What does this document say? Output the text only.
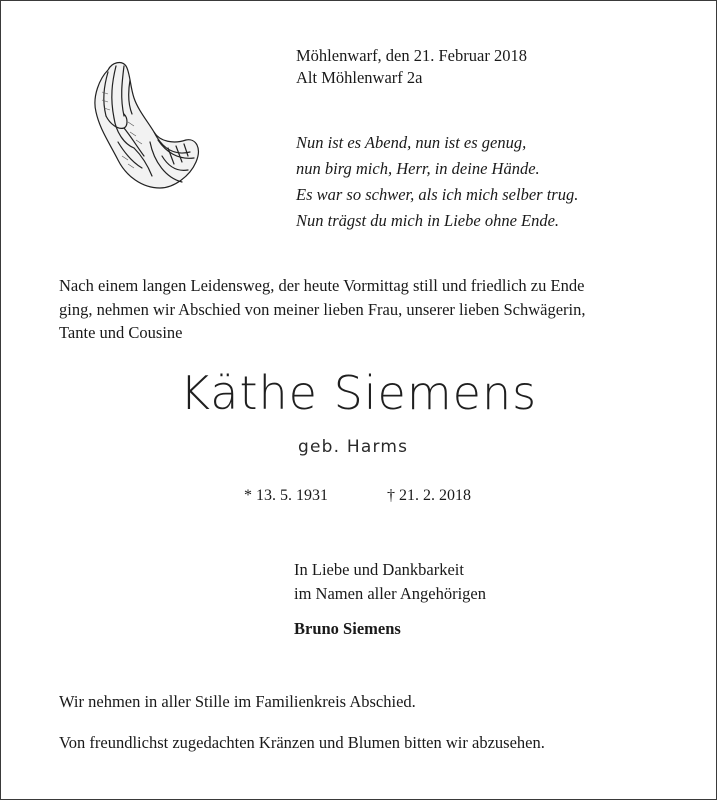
Möhlenwarf, den 21. Februar 2018
Alt Möhlenwarf 2a
Nun ist es Abend, nun ist es genug,
nun birg mich, Herr, in deine Hände.
Es war so schwer, als ich mich selber trug.
Nun trägst du mich in Liebe ohne Ende.
Nach einem langen Leidensweg, der heute Vormittag still und friedlich zu Ende
ging, nehmen wir Abschied von meiner lieben Frau, unserer lieben Schwägerin,
Tante und Cousine
Käthe Siemens
geb. Harms
* 13. 5. 1931	† 21. 2. 2018
In Liebe und Dankbarkeit
im Namen aller Angehörigen
Bruno Siemens
Wir nehmen in aller Stille im Familienkreis Abschied.
Von freundlichst zugedachten Kränzen und Blumen bitten wir abzusehen.
